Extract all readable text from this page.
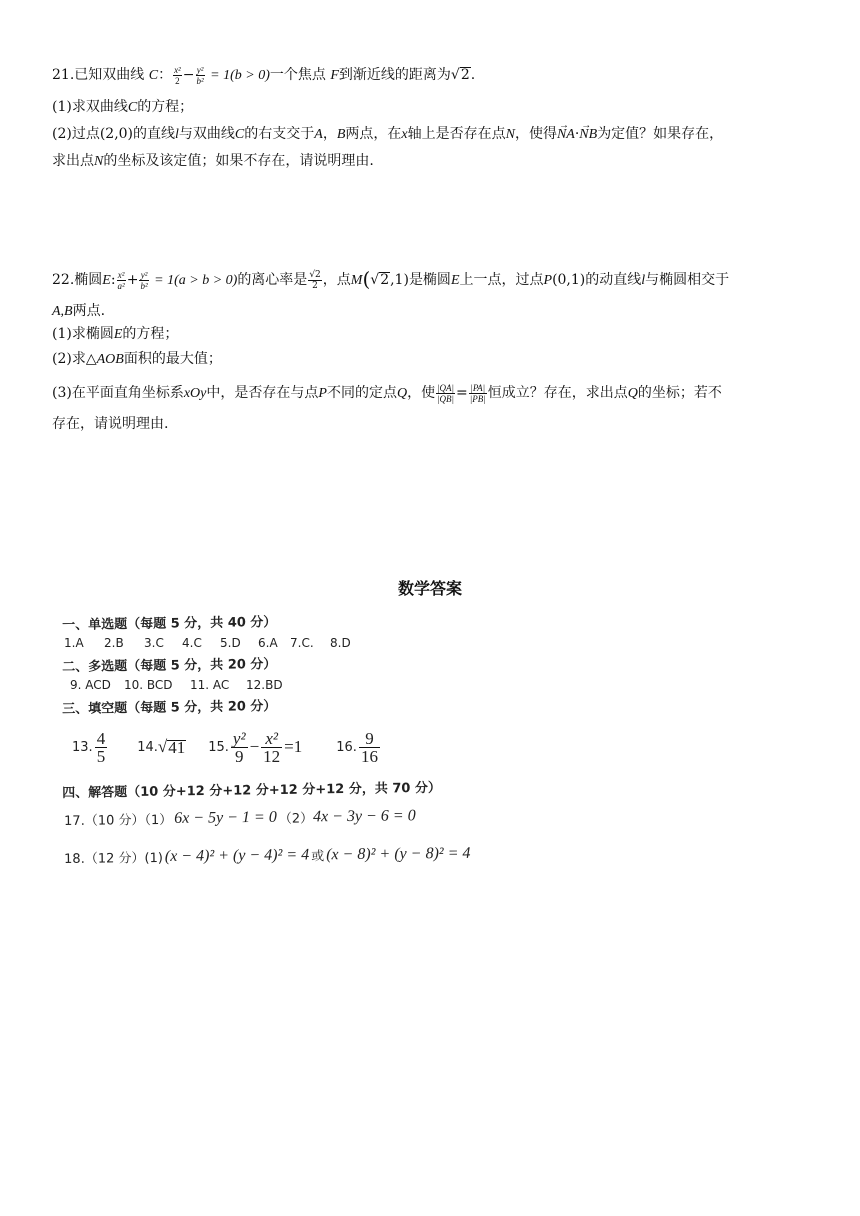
21.已知双曲线 C： $\frac{\text{x²}}{2} - \frac{\text{y²}}{\text{b²}} = 1(b > 0)$一个焦点 F到渐近线的距离为√2.
(1)求双曲线C的方程；
(2)过点(2,0)的直线l与双曲线C的右支交于A，B两点，在x轴上是否存在点N，使得→ NA·→ NB为定值？如果存在，
求出点N的坐标及该定值；如果不存在，请说明理由.
22.椭圆E: $\frac{\text{x²}}{\text{a²}} + \frac{\text{y²}}{\text{b²}} = 1(a > b > 0)$的离心率是 $\frac{√2}{2}$ ，点M(√2,1)是椭圆E上一点，过点P(0,1)的动直线l与椭圆相交于
A,B两点.
(1)求椭圆E的方程；
(2)求△AOB面积的最大值；
(3)在平面直角坐标系xOy中，是否存在与点P不同的定点Q，使 $\frac{|QA|}{|QB|} = \frac{|PA|}{|PB|}$ 恒成立？存在，求出点Q的坐标；若不
存在，请说明理由.
数学答案
一、单选题（每题 5 分，共 40 分）
1.A 2.B 3.C 4.C 5.D 6.A 7.C. 8.D
二、多选题（每题 5 分，共 20 分）
9. ACD 10. BCD 11. AC 12.BD
三、填空题（每题 5 分，共 20 分）
13. 4
5 14. √ 41 15. y²
$9 - \frac{\text{x²}}{12} =1$	16. 9
16
四、解答题（10 分+12 分+12 分+12 分+12 分，共 70 分）
17.（10 分）（1） 6x − 5y − 1 = 0 （2） 4x − 3y − 6 = 0
18.（12 分）(1) (x − 4)² + (y − 4)² = 4 或 (x − 8)² + (y − 8)² = 4
